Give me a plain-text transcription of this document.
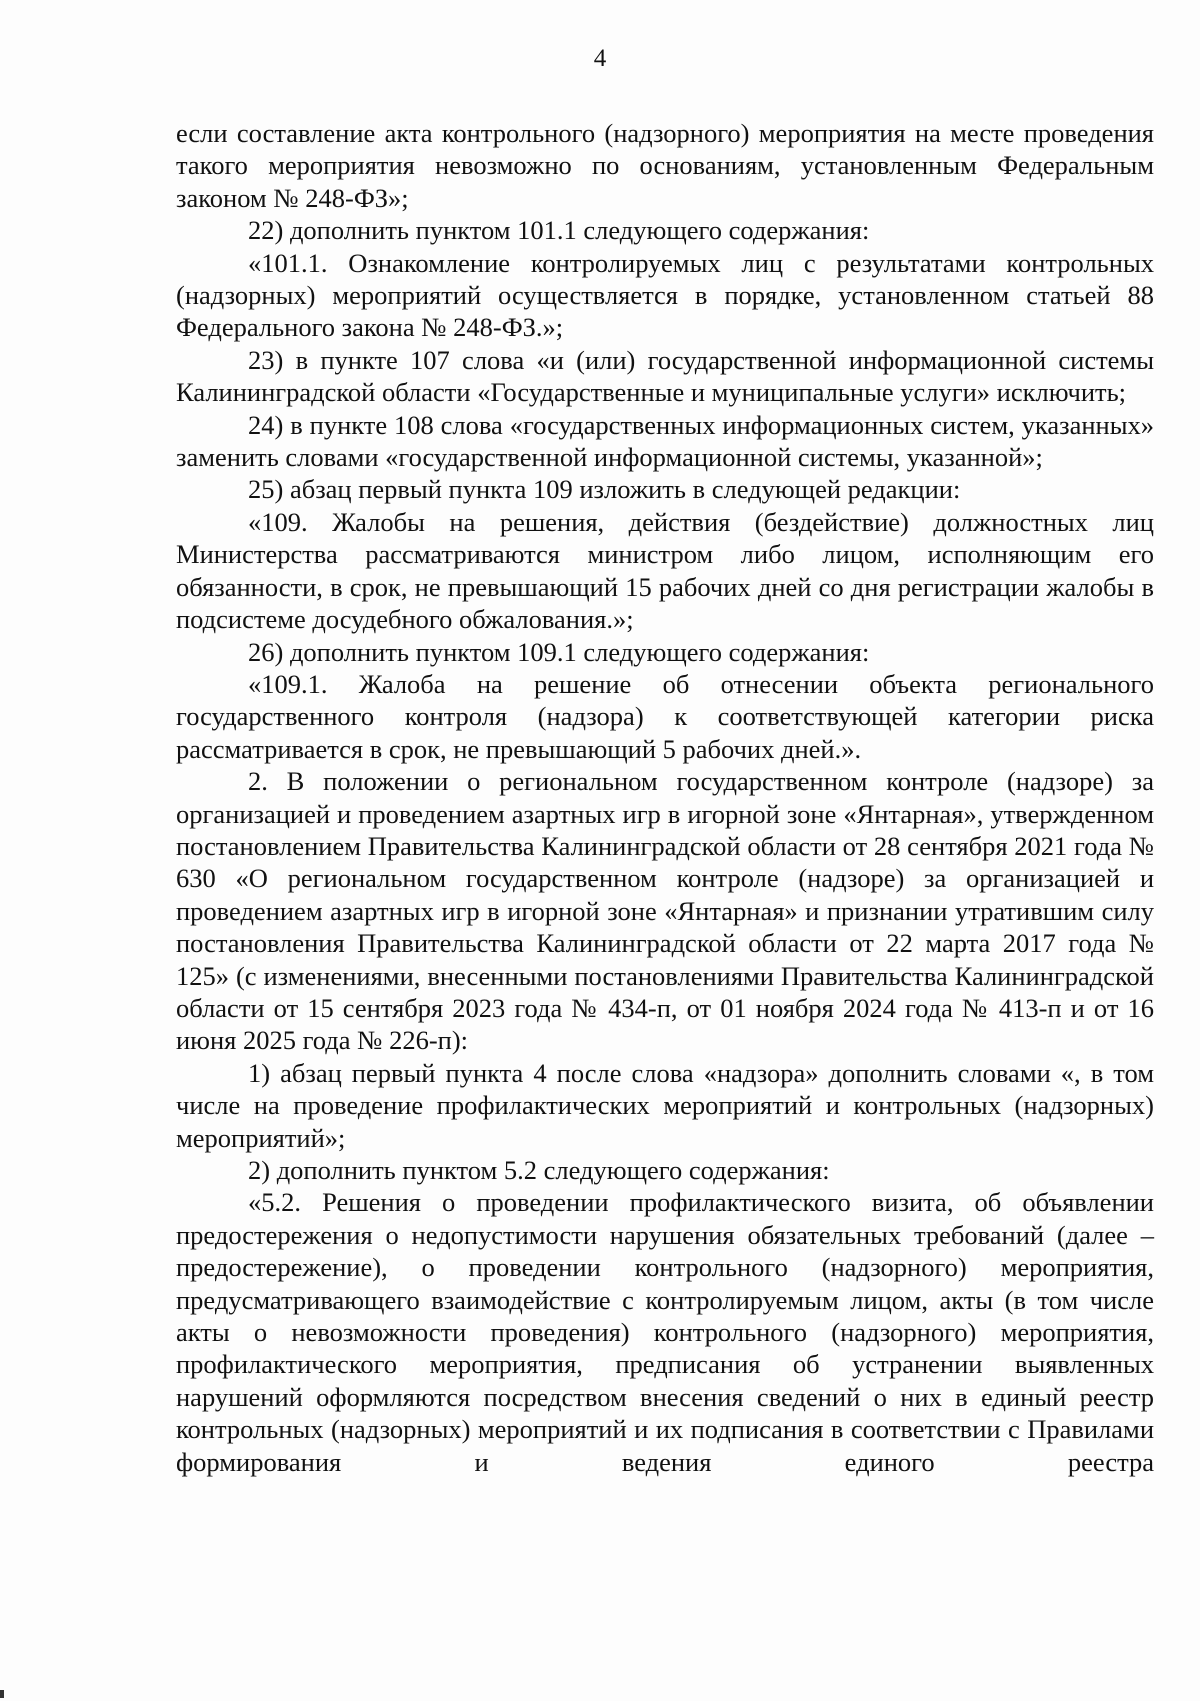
4

если составление акта контрольного (надзорного) мероприятия на месте проведения такого мероприятия невозможно по основаниям, установленным Федеральным законом № 248-ФЗ»;

22) дополнить пунктом 101.1 следующего содержания:

«101.1. Ознакомление контролируемых лиц с результатами контрольных (надзорных) мероприятий осуществляется в порядке, установленном статьей 88 Федерального закона № 248-ФЗ.»;

23) в пункте 107 слова «и (или) государственной информационной системы Калининградской области «Государственные и муниципальные услуги» исключить;

24) в пункте 108 слова «государственных информационных систем, указанных» заменить словами «государственной информационной системы, указанной»;

25) абзац первый пункта 109 изложить в следующей редакции:

«109. Жалобы на решения, действия (бездействие) должностных лиц Министерства рассматриваются министром либо лицом, исполняющим его обязанности, в срок, не превышающий 15 рабочих дней со дня регистрации жалобы в подсистеме досудебного обжалования.»;

26) дополнить пунктом 109.1 следующего содержания:

«109.1. Жалоба на решение об отнесении объекта регионального государственного контроля (надзора) к соответствующей категории риска рассматривается в срок, не превышающий 5 рабочих дней.».

2. В положении о региональном государственном контроле (надзоре) за организацией и проведением азартных игр в игорной зоне «Янтарная», утвержденном постановлением Правительства Калининградской области от 28 сентября 2021 года № 630 «О региональном государственном контроле (надзоре) за организацией и проведением азартных игр в игорной зоне «Янтарная» и признании утратившим силу постановления Правительства Калининградской области от 22 марта 2017 года № 125» (с изменениями, внесенными постановлениями Правительства Калининградской области от 15 сентября 2023 года № 434-п, от 01 ноября 2024 года № 413-п и от 16 июня 2025 года № 226-п):

1) абзац первый пункта 4 после слова «надзора» дополнить словами «, в том числе на проведение профилактических мероприятий и контрольных (надзорных) мероприятий»;

2) дополнить пунктом 5.2 следующего содержания:

«5.2. Решения о проведении профилактического визита, об объявлении предостережения о недопустимости нарушения обязательных требований (далее – предостережение), о проведении контрольного (надзорного) мероприятия, предусматривающего взаимодействие с контролируемым лицом, акты (в том числе акты о невозможности проведения) контрольного (надзорного) мероприятия, профилактического мероприятия, предписания об устранении выявленных нарушений оформляются посредством внесения сведений о них в единый реестр контрольных (надзорных) мероприятий и их подписания в соответствии с Правилами формирования и ведения единого реестра
